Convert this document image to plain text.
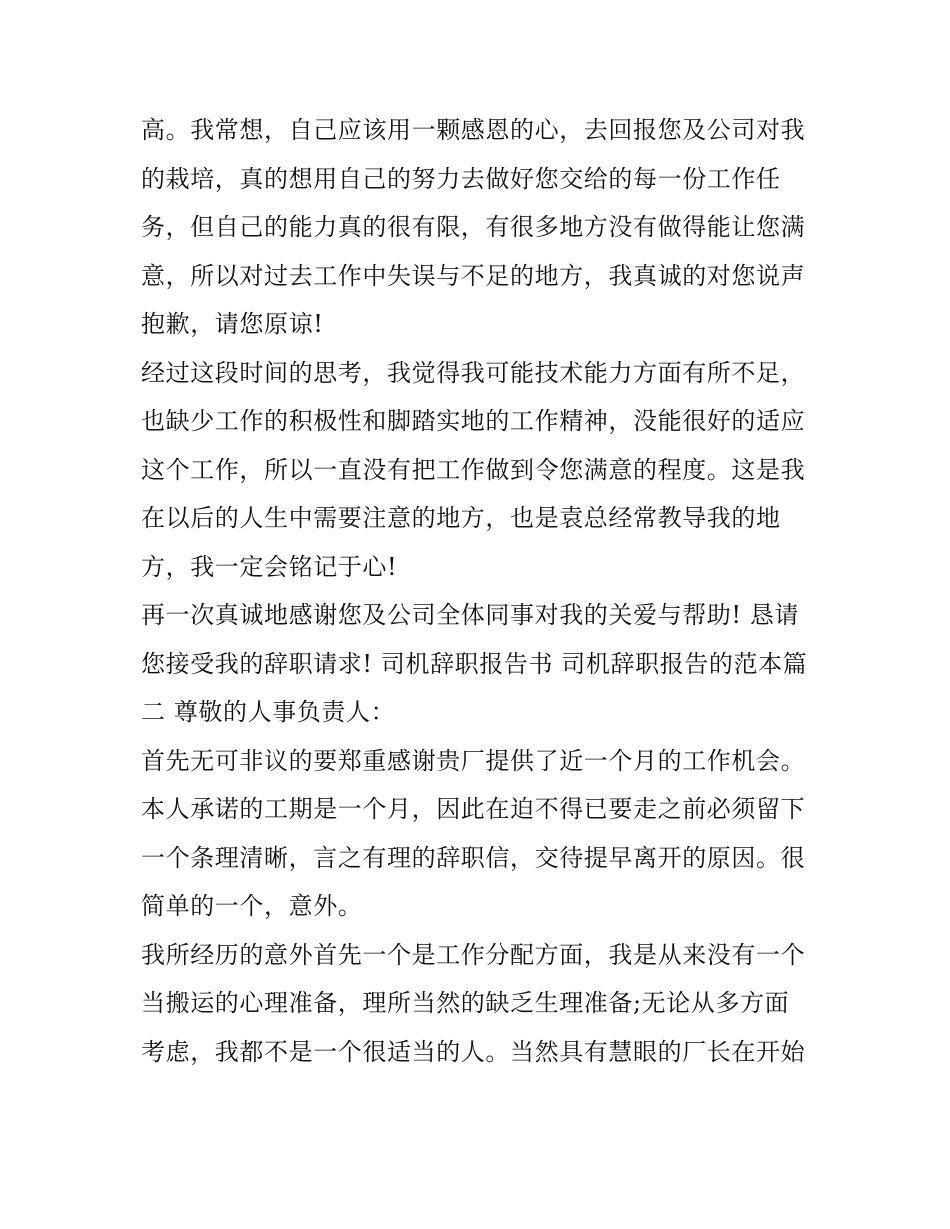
高。我常想，自己应该用一颗感恩的心，去回报您及公司对我
的栽培，真的想用自己的努力去做好您交给的每一份工作任
务，但自己的能力真的很有限，有很多地方没有做得能让您满
意，所以对过去工作中失误与不足的地方，我真诚的对您说声
抱歉，请您原谅!
经过这段时间的思考，我觉得我可能技术能力方面有所不足，
也缺少工作的积极性和脚踏实地的工作精神，没能很好的适应
这个工作，所以一直没有把工作做到令您满意的程度。这是我
在以后的人生中需要注意的地方，也是袁总经常教导我的地
方，我一定会铭记于心!
再一次真诚地感谢您及公司全体同事对我的关爱与帮助! 恳请
您接受我的辞职请求! 司机辞职报告书 司机辞职报告的范本篇
二 尊敬的人事负责人：
首先无可非议的要郑重感谢贵厂提供了近一个月的工作机会。
本人承诺的工期是一个月，因此在迫不得已要走之前必须留下
一个条理清晰，言之有理的辞职信，交待提早离开的原因。很
简单的一个，意外。
我所经历的意外首先一个是工作分配方面，我是从来没有一个
当搬运的心理准备，理所当然的缺乏生理准备;无论从多方面
考虑，我都不是一个很适当的人。当然具有慧眼的厂长在开始
